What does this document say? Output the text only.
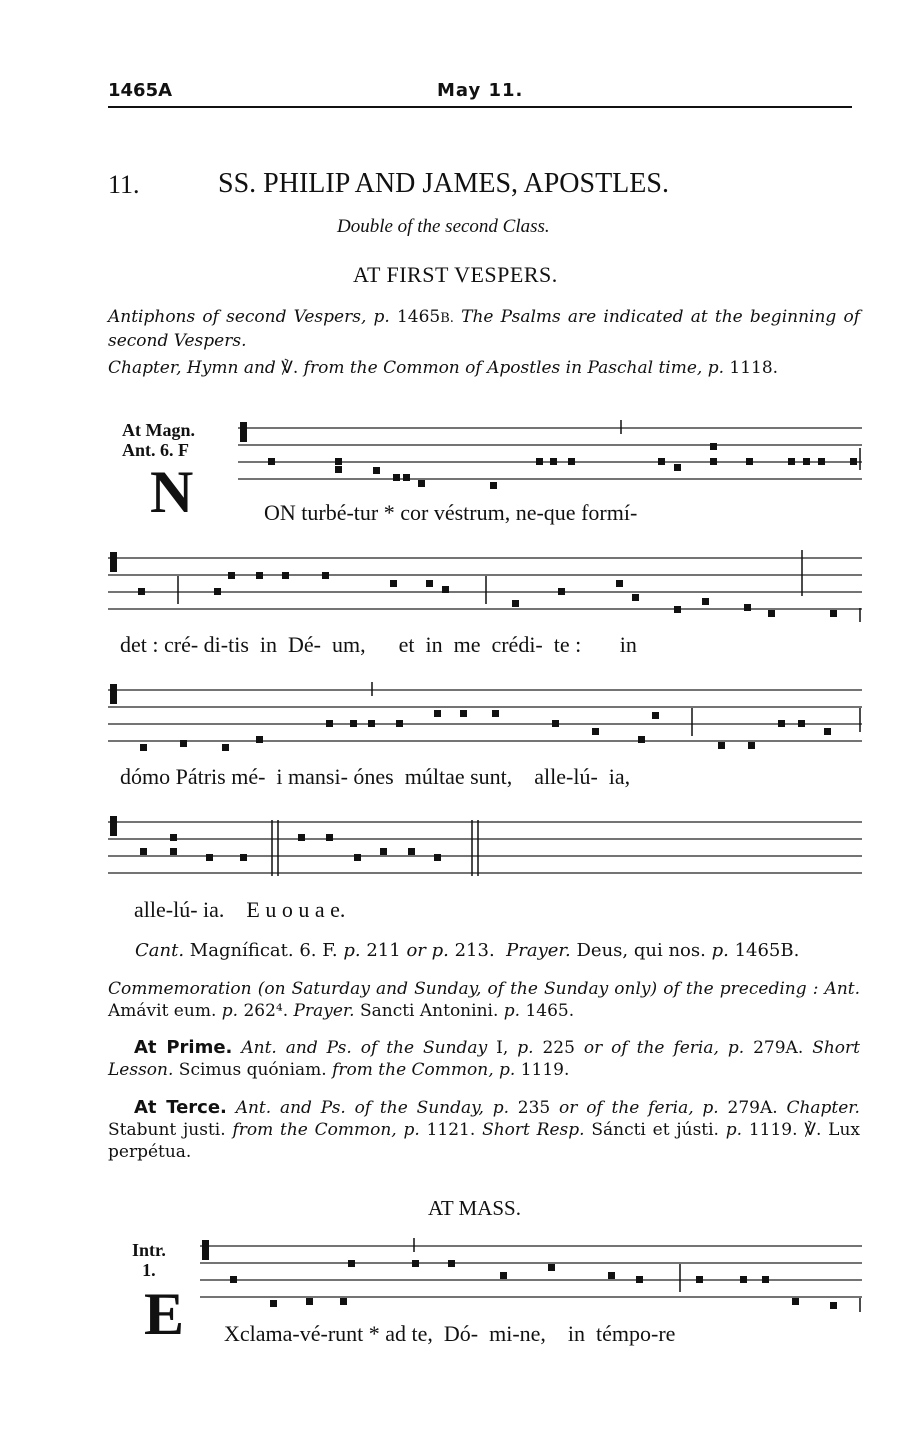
1465A	May 11.
11.	SS. PHILIP AND JAMES, APOSTLES.
Double of the second Class.
AT FIRST VESPERS.
Antiphons of second Vespers, p. 1465B. The Psalms are indicated at the beginning of second Vespers.
Chapter, Hymn and ℣. from the Common of Apostles in Paschal time, p. 1118.
At Magn.
Ant. 6. F
N	ON turbé-tur * cor véstrum, ne-que formí-
det : cré- di-tis  in  Dé-  um,      et  in  me  crédi-  te :       in
dómo Pátris mé-  i mansi- ónes  múltae sunt,    alle-lú-  ia,
alle-lú- ia.    E u o u a e.
Cant. Magníficat. 6. F. p. 211 or p. 213. Prayer. Deus, qui nos. p. 1465B.
Commemoration (on Saturday and Sunday, of the Sunday only) of the preceding : Ant. Amávit eum. p. 262⁴. Prayer. Sancti Antonini. p. 1465.
At Prime. Ant. and Ps. of the Sunday I, p. 225 or of the feria, p. 279A. Short Lesson. Scimus quóniam. from the Common, p. 1119.
At Terce. Ant. and Ps. of the Sunday, p. 235 or of the feria, p. 279A. Chapter. Stabunt justi. from the Common, p. 1121. Short Resp. Sáncti et jústi. p. 1119. ℣. Lux perpétua.
AT MASS.
Intr.
1.
E Xclama-vé-runt * ad te,  Dó-  mi-ne,    in  témpo-re
